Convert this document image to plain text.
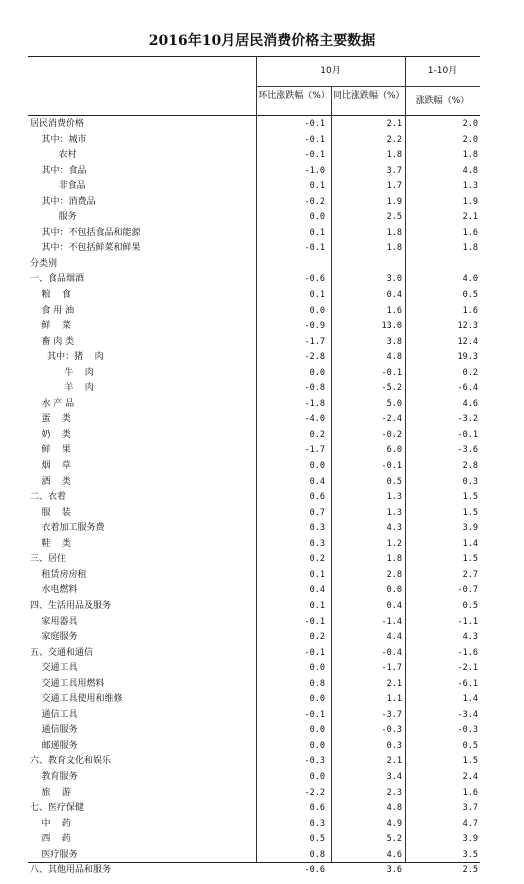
2016年10月居民消费价格主要数据
10月	1-10月
环比涨跌幅（%） 同比涨跌幅（%）	涨跌幅（%）
居民消费价格	-0.1	2.1	2.0
其中：城市	-0.1	2.2	2.0
农村	-0.1	1.8	1.8
其中：食品	-1.0	3.7	4.8
非食品	0.1	1.7	1.3
其中：消费品	-0.2	1.9	1.9
服务	0.0	2.5	2.1
其中：不包括食品和能源	0.1	1.8	1.6
其中：不包括鲜菜和鲜果	-0.1	1.8	1.8
分类别
一、食品烟酒	-0.6	3.0	4.0
粮    食	0.1	0.4	0.5
食 用 油	0.0	1.6	1.6
鲜    菜	-0.9	13.0	12.3
畜 肉 类	-1.7	3.8	12.4
其中：猪    肉	-2.8	4.8	19.3
牛    肉	0.0	-0.1	0.2
羊    肉	-0.8	-5.2	-6.4
水 产 品	-1.8	5.0	4.6
蛋    类	-4.0	-2.4	-3.2
奶    类	0.2	-0.2	-0.1
鲜    果	-1.7	6.0	-3.6
烟    草	0.0	-0.1	2.8
酒    类	0.4	0.5	0.3
二、衣着	0.6	1.3	1.5
服    装	0.7	1.3	1.5
衣着加工服务费	0.3	4.3	3.9
鞋    类	0.3	1.2	1.4
三、居住	0.2	1.8	1.5
租赁房房租	0.1	2.8	2.7
水电燃料	0.4	0.0	-0.7
四、生活用品及服务	0.1	0.4	0.5
家用器具	-0.1	-1.4	-1.1
家庭服务	0.2	4.4	4.3
五、交通和通信	-0.1	-0.4	-1.6
交通工具	0.0	-1.7	-2.1
交通工具用燃料	0.8	2.1	-6.1
交通工具使用和维修	0.0	1.1	1.4
通信工具	-0.1	-3.7	-3.4
通信服务	0.0	-0.3	-0.3
邮递服务	0.0	0.3	0.5
六、教育文化和娱乐	-0.3	2.1	1.5
教育服务	0.0	3.4	2.4
旅    游	-2.2	2.3	1.6
七、医疗保健	0.6	4.8	3.7
中    药	0.3	4.9	4.7
西    药	0.5	5.2	3.9
医疗服务	0.8	4.6	3.5
八、其他用品和服务	-0.6	3.6	2.5
